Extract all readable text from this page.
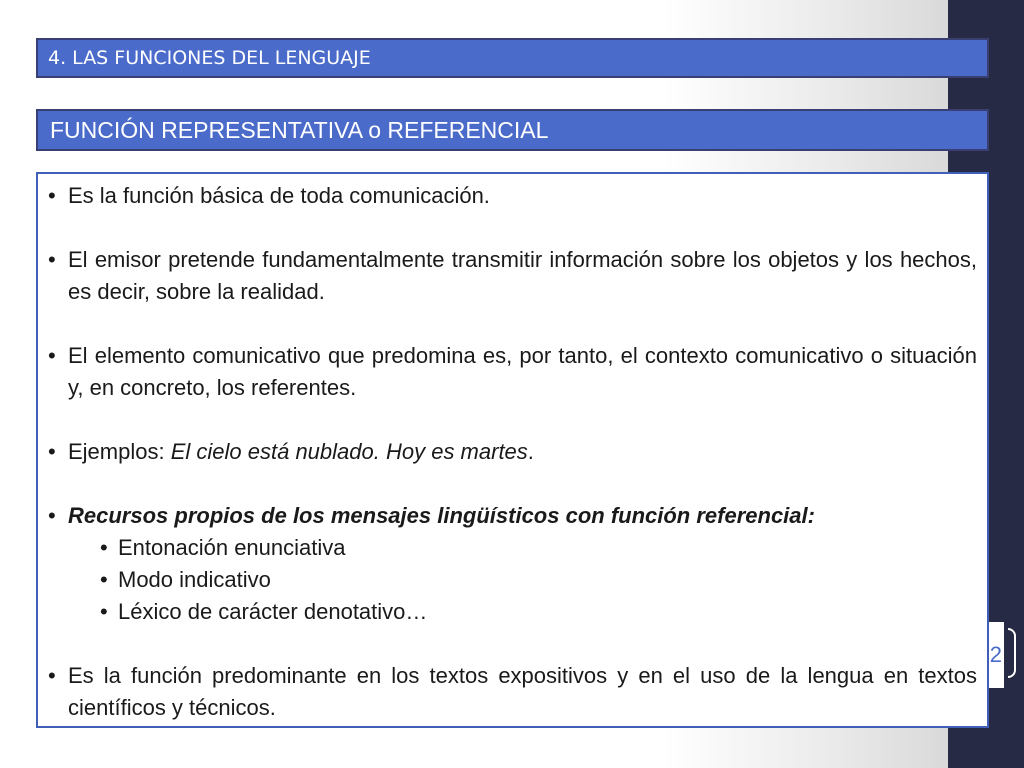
2
4. LAS FUNCIONES DEL LENGUAJE
FUNCIÓN REPRESENTATIVA o REFERENCIAL
• Es la función básica de toda comunicación.
• El emisor pretende fundamentalmente transmitir información sobre los objetos y los hechos, es decir, sobre la realidad.
• El elemento comunicativo que predomina es, por tanto, el contexto comunicativo o situación y, en concreto, los referentes.
• Ejemplos: El cielo está nublado. Hoy es martes.
• Recursos propios de los mensajes lingüísticos con función referencial:
• Entonación enunciativa
• Modo indicativo
• Léxico de carácter denotativo…
• Es la función predominante en los textos expositivos y en el uso de la lengua en textos científicos y técnicos.
